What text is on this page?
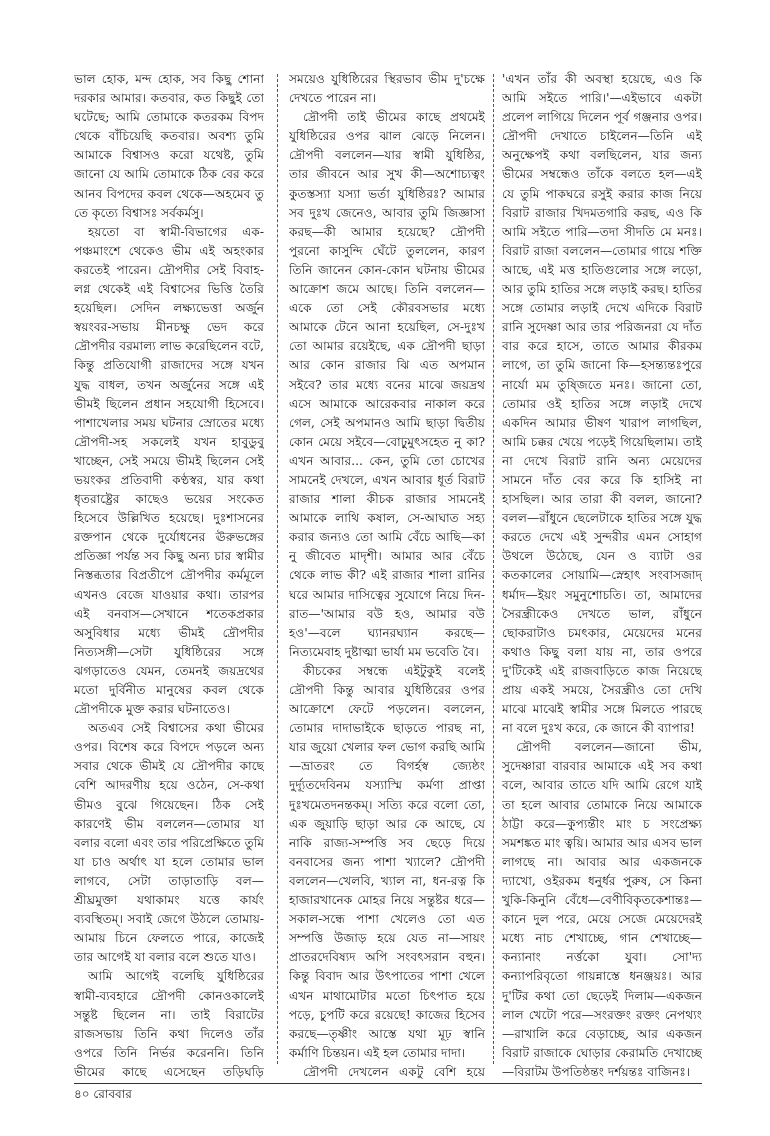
ভাল হোক, মন্দ হোক, সব কিছু শোনা দরকার আমার। কতবার, কত কিছুই তো ঘটেছে; আমি তোমাকে কতরকম বিপদ থেকে বাঁচিয়েছি কতবার। অবশ্য তুমি আমাকে বিশ্বাসও করো যথেষ্ট, তুমি জানো যে আমি তোমাকে ঠিক বের করে আনব বিপদের কবল থেকে—অহমেব তু তে কৃত্যে বিশ্বাসঃ সর্বকর্মসু।

হয়তো বা স্বামী-বিভাগের এক-পঞ্চমাংশে থেকেও ভীম এই অহংকার করতেই পারেন। দ্রৌপদীর সেই বিবাহ-লগ্ন থেকেই এই বিশ্বাসের ভিত্তি তৈরি হয়েছিল। সেদিন লক্ষ্যভেত্তা অর্জুন স্বয়ংবর-সভায় মীনচক্ষু ভেদ করে দ্রৌপদীর বরমাল্য লাভ করেছিলেন বটে, কিন্তু প্রতিযোগী রাজাদের সঙ্গে যখন যুদ্ধ বাধল, তখন অর্জুনের সঙ্গে এই ভীমই ছিলেন প্রধান সহযোগী হিসেবে। পাশাখেলার সময় ঘটনার স্রোতের মধ্যে দ্রৌপদী-সহ সকলেই যখন হাবুডুবু খাচ্ছেন, সেই সময়ে ভীমই ছিলেন সেই ভয়ংকর প্রতিবাদী কণ্ঠস্বর, যার কথা ধৃতরাষ্ট্রের কাছেও ভয়ের সংকেত হিসেবে উল্লিখিত হয়েছে। দুঃশাসনের রক্তপান থেকে দুর্যোধনের ঊরুভঙ্গের প্রতিজ্ঞা পর্যন্ত সব কিছু অন্য চার স্বামীর নিস্তব্ধতার বিপ্রতীপে দ্রৌপদীর কর্মমূলে এখনও বেজে যাওয়ার কথা। তারপর এই বনবাস—সেখানে শতেকপ্রকার অসুবিধার মধ্যে ভীমই দ্রৌপদীর নিত্যসঙ্গী—সেটা যুধিষ্ঠিরের সঙ্গে ঝগড়াতেও যেমন, তেমনই জয়দ্রথের মতো দুর্বিনীত মানুষের কবল থেকে দ্রৌপদীকে মুক্ত করার ঘটনাতেও।

অতএব সেই বিশ্বাসের কথা ভীমের ওপর। বিশেষ করে বিপদে পড়লে অন্য সবার থেকে ভীমই যে দ্রৌপদীর কাছে বেশি আদরণীয় হয়ে ওঠেন, সে-কথা ভীমও বুঝে গিয়েছেন। ঠিক সেই কারণেই ভীম বললেন—তোমার যা বলার বলো এবং তার পরিপ্রেক্ষিতে তুমি যা চাও অর্থাৎ যা হলে তোমার ভাল লাগবে, সেটা তাড়াতাড়ি বল—শ্রীঘ্রমুক্তা যথাকামং যত্তে কার্যং ব্যবস্থিতম্। সবাই জেগে উঠলে তোমায়-আমায় চিনে ফেলতে পারে, কাজেই তার আগেই যা বলার বলে শুতে যাও।

আমি আগেই বলেছি যুধিষ্ঠিরের স্বামী-ব্যবহারে দ্রৌপদী কোনওকালেই সন্তুষ্ট ছিলেন না। তাই বিরাটের রাজসভায় তিনি কথা দিলেও তাঁর ওপরে তিনি নির্ভর করেননি। তিনি ভীমের কাছে এসেছেন তড়িঘড়ি

সময়েও যুধিষ্ঠিরের স্থিরভাব ভীম দু'চক্ষে দেখতে পারেন না।

দ্রৌপদী তাই ভীমের কাছে প্রথমেই যুধিষ্ঠিরের ওপর ঝাল ঝেড়ে নিলেন। দ্রৌপদী বললেন—যার স্বামী যুধিষ্ঠির, তার জীবনে আর সুখ কী—অশোচ্যত্বং কুতস্তস্যা যস্যা ভর্তা যুধিষ্ঠিরঃ? আমার সব দুঃখ জেনেও, আবার তুমি জিজ্ঞাসা করছ—কী আমার হয়েছে? দ্রৌপদী পুরনো কাসুন্দি ঘেঁটে তুললেন, কারণ তিনি জানেন কোন-কোন ঘটনায় ভীমের আক্রোশ জমে আছে। তিনি বললেন—একে তো সেই কৌরবসভার মধ্যে আমাকে টেনে আনা হয়েছিল, সে-দুঃখ তো আমার রয়েইছে, এক দ্রৌপদী ছাড়া আর কোন রাজার ঝি এত অপমান সইবে? তার মধ্যে বনের মাঝে জয়দ্রথ এসে আমাকে আরেকবার নাকাল করে গেল, সেই অপমানও আমি ছাড়া দ্বিতীয় কোন মেয়ে সইবে—বোঢ়ুমুৎসহেত নু কা? এখন আবার... কেন, তুমি তো চোখের সামনেই দেখলে, এখন আবার ধূর্ত বিরাট রাজার শালা কীচক রাজার সামনেই আমাকে লাথি কষাল, সে-আঘাত সহ্য করার জন্যও তো আমি বেঁচে আছি—কা নু জীবেত মাদৃশী। আমার আর বেঁচে থেকে লাভ কী? এই রাজার শালা রানির ঘরে আমার দাসিত্বের সুযোগে নিয়ে দিন-রাত—'আমার বউ হও, আমার বউ হও'—বলে ঘ্যানরঘ্যান করছে—নিত্যমেবাহ দুষ্টাত্মা ভার্যা মম ভবেতি বৈ।

কীচকের সম্বন্ধে এইটুকুই বলেই দ্রৌপদী কিন্তু আবার যুধিষ্ঠিরের ওপর আক্রোশে ফেটে পড়লেন। বললেন, তোমার দাদাভাইকে ছাড়তে পারছ না, যার জুয়ো খেলার ফল ভোগ করছি আমি—ভ্রাতরং তে বিগর্হস্ব জ্যেষ্ঠং দুর্দ্যূতদেবিনম যস্যাস্মি কর্মণা প্রাপ্তা দুঃখমেতদনন্তকম্। সত্যি করে বলো তো, এক জুয়াড়ি ছাড়া আর কে আছে, যে নাকি রাজ্য-সম্পত্তি সব ছেড়ে দিয়ে বনবাসের জন্য পাশা খ্যালে? দ্রৌপদী বললেন—খেলবি, খ্যাল না, ধন-রত্ন কি হাজারখানেক মোহর নিয়ে সন্তুষ্টর ধরে—সকাল-সন্ধে পাশা খেলেও তো এত সম্পত্তি উজাড় হয়ে যেত না—সায়ং প্রাতরদেবিষ্যদ অপি সংবৎসরান বহুন। কিন্তু বিবাদ আর উৎপাতের পাশা খেলে এখন মাথামোটার মতো চিৎপাত হয়ে পড়ে, চুপটি করে রয়েছে! কাজের হিসেব করছে—তৃষ্ণীং আস্তে যথা মূঢ় স্বানি কর্মাণি চিন্তয়ন। এই হল তোমার দাদা।

দ্রৌপদী দেখলেন একটু বেশি হয়ে

'এখন তাঁর কী অবস্থা হয়েছে, এও কি আমি সইতে পারি।'—এইভাবে একটা প্রলেপ লাগিয়ে দিলেন পূর্ব গঞ্জনার ওপর। দ্রৌপদী দেখাতে চাইলেন—তিনি এই অনুক্ষেপই কথা বলছিলেন, যার জন্য ভীমের সম্বন্ধেও তাঁকে বলতে হল—এই যে তুমি পাকঘরে রসুই করার কাজ নিয়ে বিরাট রাজার খিদমতগারি করছ, এও কি আমি সইতে পারি—তদা সীদতি মে মনঃ। বিরাট রাজা বললেন—তোমার গায়ে শক্তি আছে, এই মত্ত হাতিগুলোর সঙ্গে লড়ো, আর তুমি হাতির সঙ্গে লড়াই করছ। হাতির সঙ্গে তোমার লড়াই দেখে এদিকে বিরাট রানি সুদেষ্ণা আর তার পরিজনরা যে দাঁত বার করে হাসে, তাতে আমার কীরকম লাগে, তা তুমি জানো কি—হসন্ত্যন্তঃপুরে নার্যো মম তুষ্জিতে মনঃ। জানো তো, তোমার ওই হাতির সঙ্গে লড়াই দেখে একদিন আমার ভীষণ খারাপ লাগছিল, আমি চক্কর খেয়ে পড়েই গিয়েছিলাম। তাই না দেখে বিরাট রানি অন্য মেয়েদের সামনে দাঁত বের করে কি হাসিই না হাসছিল। আর তারা কী বলল, জানো? বলল—রাঁধুনে ছেলেটাকে হাতির সঙ্গে যুদ্ধ করতে দেখে এই সুন্দরীর এমন সোহাগ উথলে উঠেছে, যেন ও ব্যাটা ওর কতকালের সোয়ামি—স্নেহাৎ সংবাসজাদ্ ধর্মাদ—ইয়ং সমুনুশোচতি। তা, আমাদের সৈরন্ধ্রীকেও দেখতে ভাল, রাঁধুনে ছোকরাটাও চমৎকার, মেয়েদের মনের কথাও কিছু বলা যায় না, তার ওপরে দু'টিকেই এই রাজবাড়িতে কাজ নিয়েছে প্রায় একই সময়ে, সৈরন্ধ্রীও তো দেখি মাঝে মাঝেই স্বামীর সঙ্গে মিলতে পারছে না বলে দুঃখ করে, কে জানে কী ব্যাপার!

দ্রৌপদী বললেন—জানো ভীম, সুদেষ্ণারা বারবার আমাকে এই সব কথা বলে, আবার তাতে যদি আমি রেগে যাই তা হলে আবার তোমাকে নিয়ে আমাকে ঠাট্টা করে—কুপ্যন্তীং মাং চ সংপ্রেক্ষ্য সমশঙ্কত মাং ত্বয়ি। আমার আর এসব ভাল লাগছে না। আবার আর একজনকে দ্যাখো, ওইরকম ধনুর্ধর পুরুষ, সে কিনা খুকি-কিনুনি বেঁধে—বেণীবিকৃতকেশান্তঃ—কানে দুল পরে, মেয়ে সেজে মেয়েদেরই মধ্যে নাচ শেখাচ্ছে, গান শেখাচ্ছে—কন্যানাং নর্ত্তকো যুবা। সো'দ্য কন্যাপরিবৃতো গায়ন্নাস্তে ধনঞ্জয়ঃ। আর দু'টির কথা তো ছেড়েই দিলাম—একজন লাল খেটো পরে—সংরক্তং রক্তং নেপথ্যং—রাখালি করে বেড়াচ্ছে, আর একজন বিরাট রাজাকে ঘোড়ার কেরামতি দেখাচ্ছে—বিরাটম উপতিষ্ঠন্তং দর্শয়ন্তঃ বাজিনঃ।

৪০ রোববার
